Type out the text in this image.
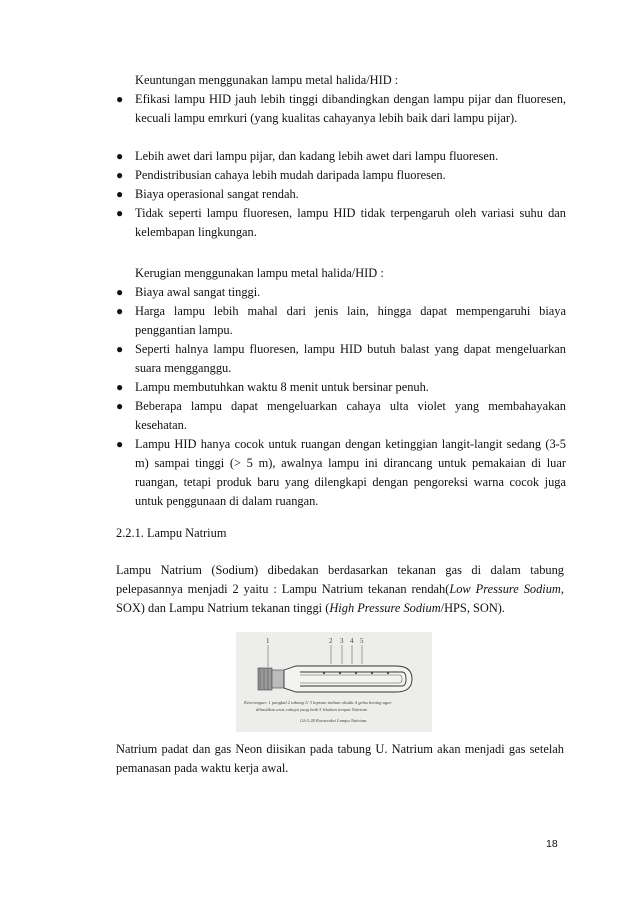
Keuntungan menggunakan lampu metal halida/HID :

● Efikasi lampu HID jauh lebih tinggi dibandingkan dengan lampu pijar dan fluoresen, kecuali lampu emrkuri (yang kualitas cahayanya lebih baik dari lampu pijar).
● Lebih awet dari lampu pijar, dan kadang lebih awet dari lampu fluoresen.
● Pendistribusian cahaya lebih mudah daripada lampu fluoresen.
● Biaya operasional sangat rendah.
● Tidak seperti lampu fluoresen, lampu HID tidak terpengaruh oleh variasi suhu dan kelembapan lingkungan.

Kerugian menggunakan lampu metal halida/HID :

● Biaya awal sangat tinggi.
● Harga lampu lebih mahal dari jenis lain, hingga dapat mempengaruhi biaya penggantian lampu.
● Seperti halnya lampu fluoresen, lampu HID butuh balast yang dapat mengeluarkan suara mengganggu.
● Lampu membutuhkan waktu 8 menit untuk bersinar penuh.
● Beberapa lampu dapat mengeluarkan cahaya ulta violet yang membahayakan kesehatan.
● Lampu HID hanya cocok untuk ruangan dengan ketinggian langit-langit sedang (3-5 m) sampai tinggi (> 5 m), awalnya lampu ini dirancang untuk pemakaian di luar ruangan, tetapi produk baru yang dilengkapi dengan pengoreksi warna cocok juga untuk penggunaan di dalam ruangan.

2.2.1. Lampu Natrium

Lampu Natrium (Sodium) dibedakan berdasarkan tekanan gas di dalam tabung pelepasannya menjadi 2 yaitu : Lampu Natrium tekanan rendah(Low Pressure Sodium, SOX) dan Lampu Natrium tekanan tinggi (High Pressure Sodium/HPS, SON).

1	2 3 4 5
Keterangan: 1 pangkal 2 tabung U 3 lapisan indium oksida 4 gelas bening agar
dihasilkan arus cahaya yang baik 5 lekukan tempat Natrium
Gb.5.28 Konstruksi Lampu Natrium.

Natrium padat dan gas Neon diisikan pada tabung U. Natrium akan menjadi gas setelah pemanasan pada waktu kerja awal.

18
